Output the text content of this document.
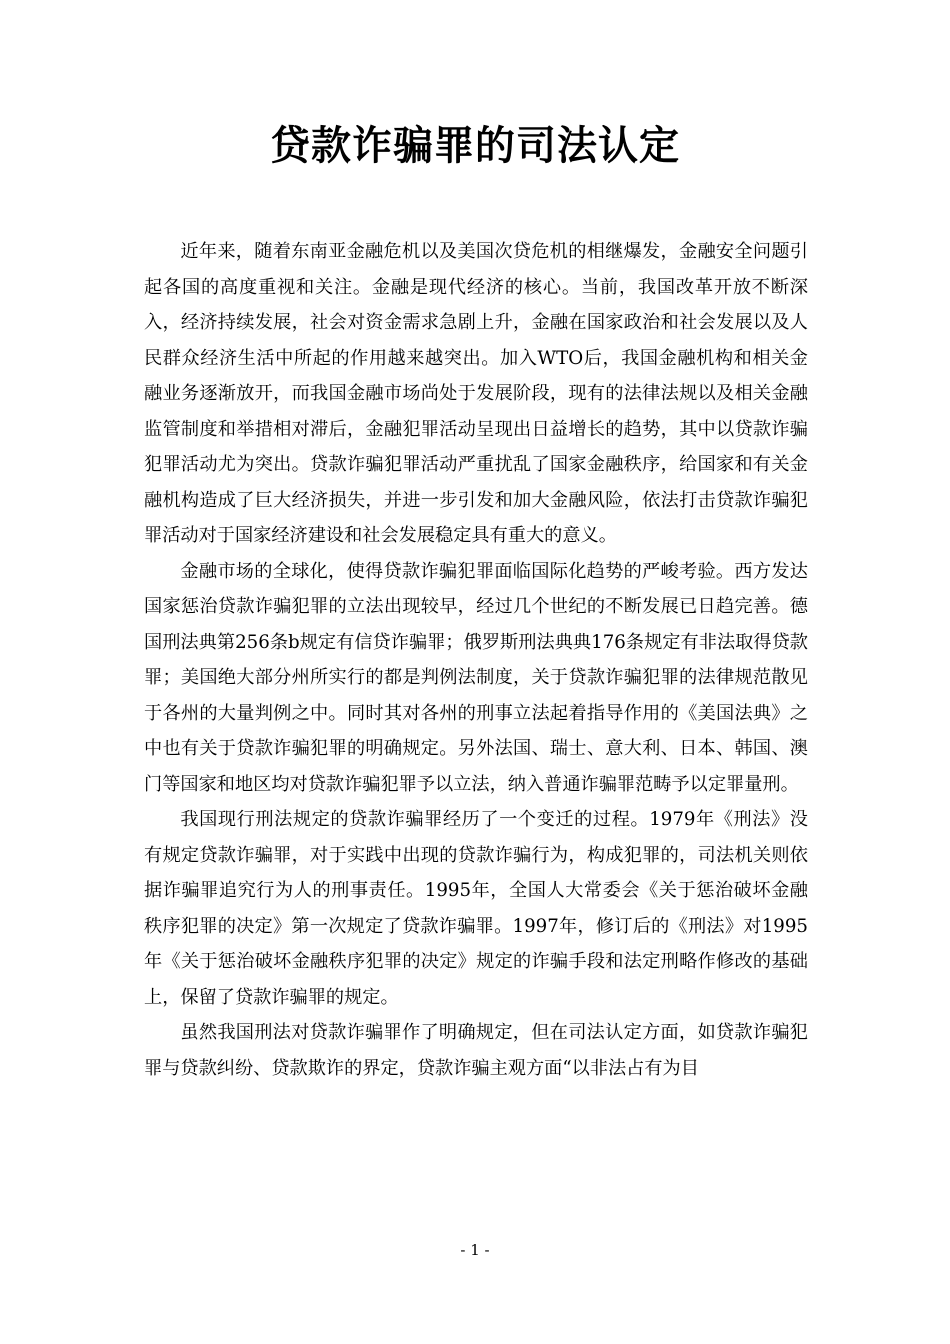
贷款诈骗罪的司法认定

近年来，随着东南亚金融危机以及美国次贷危机的相继爆发，金融安全问题引起各国的高度重视和关注。金融是现代经济的核心。当前，我国改革开放不断深入，经济持续发展，社会对资金需求急剧上升，金融在国家政治和社会发展以及人民群众经济生活中所起的作用越来越突出。加入WTO后，我国金融机构和相关金融业务逐渐放开，而我国金融市场尚处于发展阶段，现有的法律法规以及相关金融监管制度和举措相对滞后，金融犯罪活动呈现出日益增长的趋势，其中以贷款诈骗犯罪活动尤为突出。贷款诈骗犯罪活动严重扰乱了国家金融秩序，给国家和有关金融机构造成了巨大经济损失，并进一步引发和加大金融风险，依法打击贷款诈骗犯罪活动对于国家经济建设和社会发展稳定具有重大的意义。

金融市场的全球化，使得贷款诈骗犯罪面临国际化趋势的严峻考验。西方发达国家惩治贷款诈骗犯罪的立法出现较早，经过几个世纪的不断发展已日趋完善。德国刑法典第256条b规定有信贷诈骗罪；俄罗斯刑法典典176条规定有非法取得贷款罪；美国绝大部分州所实行的都是判例法制度，关于贷款诈骗犯罪的法律规范散见于各州的大量判例之中。同时其对各州的刑事立法起着指导作用的《美国法典》之中也有关于贷款诈骗犯罪的明确规定。另外法国、瑞士、意大利、日本、韩国、澳门等国家和地区均对贷款诈骗犯罪予以立法，纳入普通诈骗罪范畴予以定罪量刑。

我国现行刑法规定的贷款诈骗罪经历了一个变迁的过程。1979年《刑法》没有规定贷款诈骗罪，对于实践中出现的贷款诈骗行为，构成犯罪的，司法机关则依据诈骗罪追究行为人的刑事责任。1995年，全国人大常委会《关于惩治破坏金融秩序犯罪的决定》第一次规定了贷款诈骗罪。1997年，修订后的《刑法》对1995年《关于惩治破坏金融秩序犯罪的决定》规定的诈骗手段和法定刑略作修改的基础上，保留了贷款诈骗罪的规定。

虽然我国刑法对贷款诈骗罪作了明确规定，但在司法认定方面，如贷款诈骗犯罪与贷款纠纷、贷款欺诈的界定，贷款诈骗主观方面“以非法占有为目

- 1 -
